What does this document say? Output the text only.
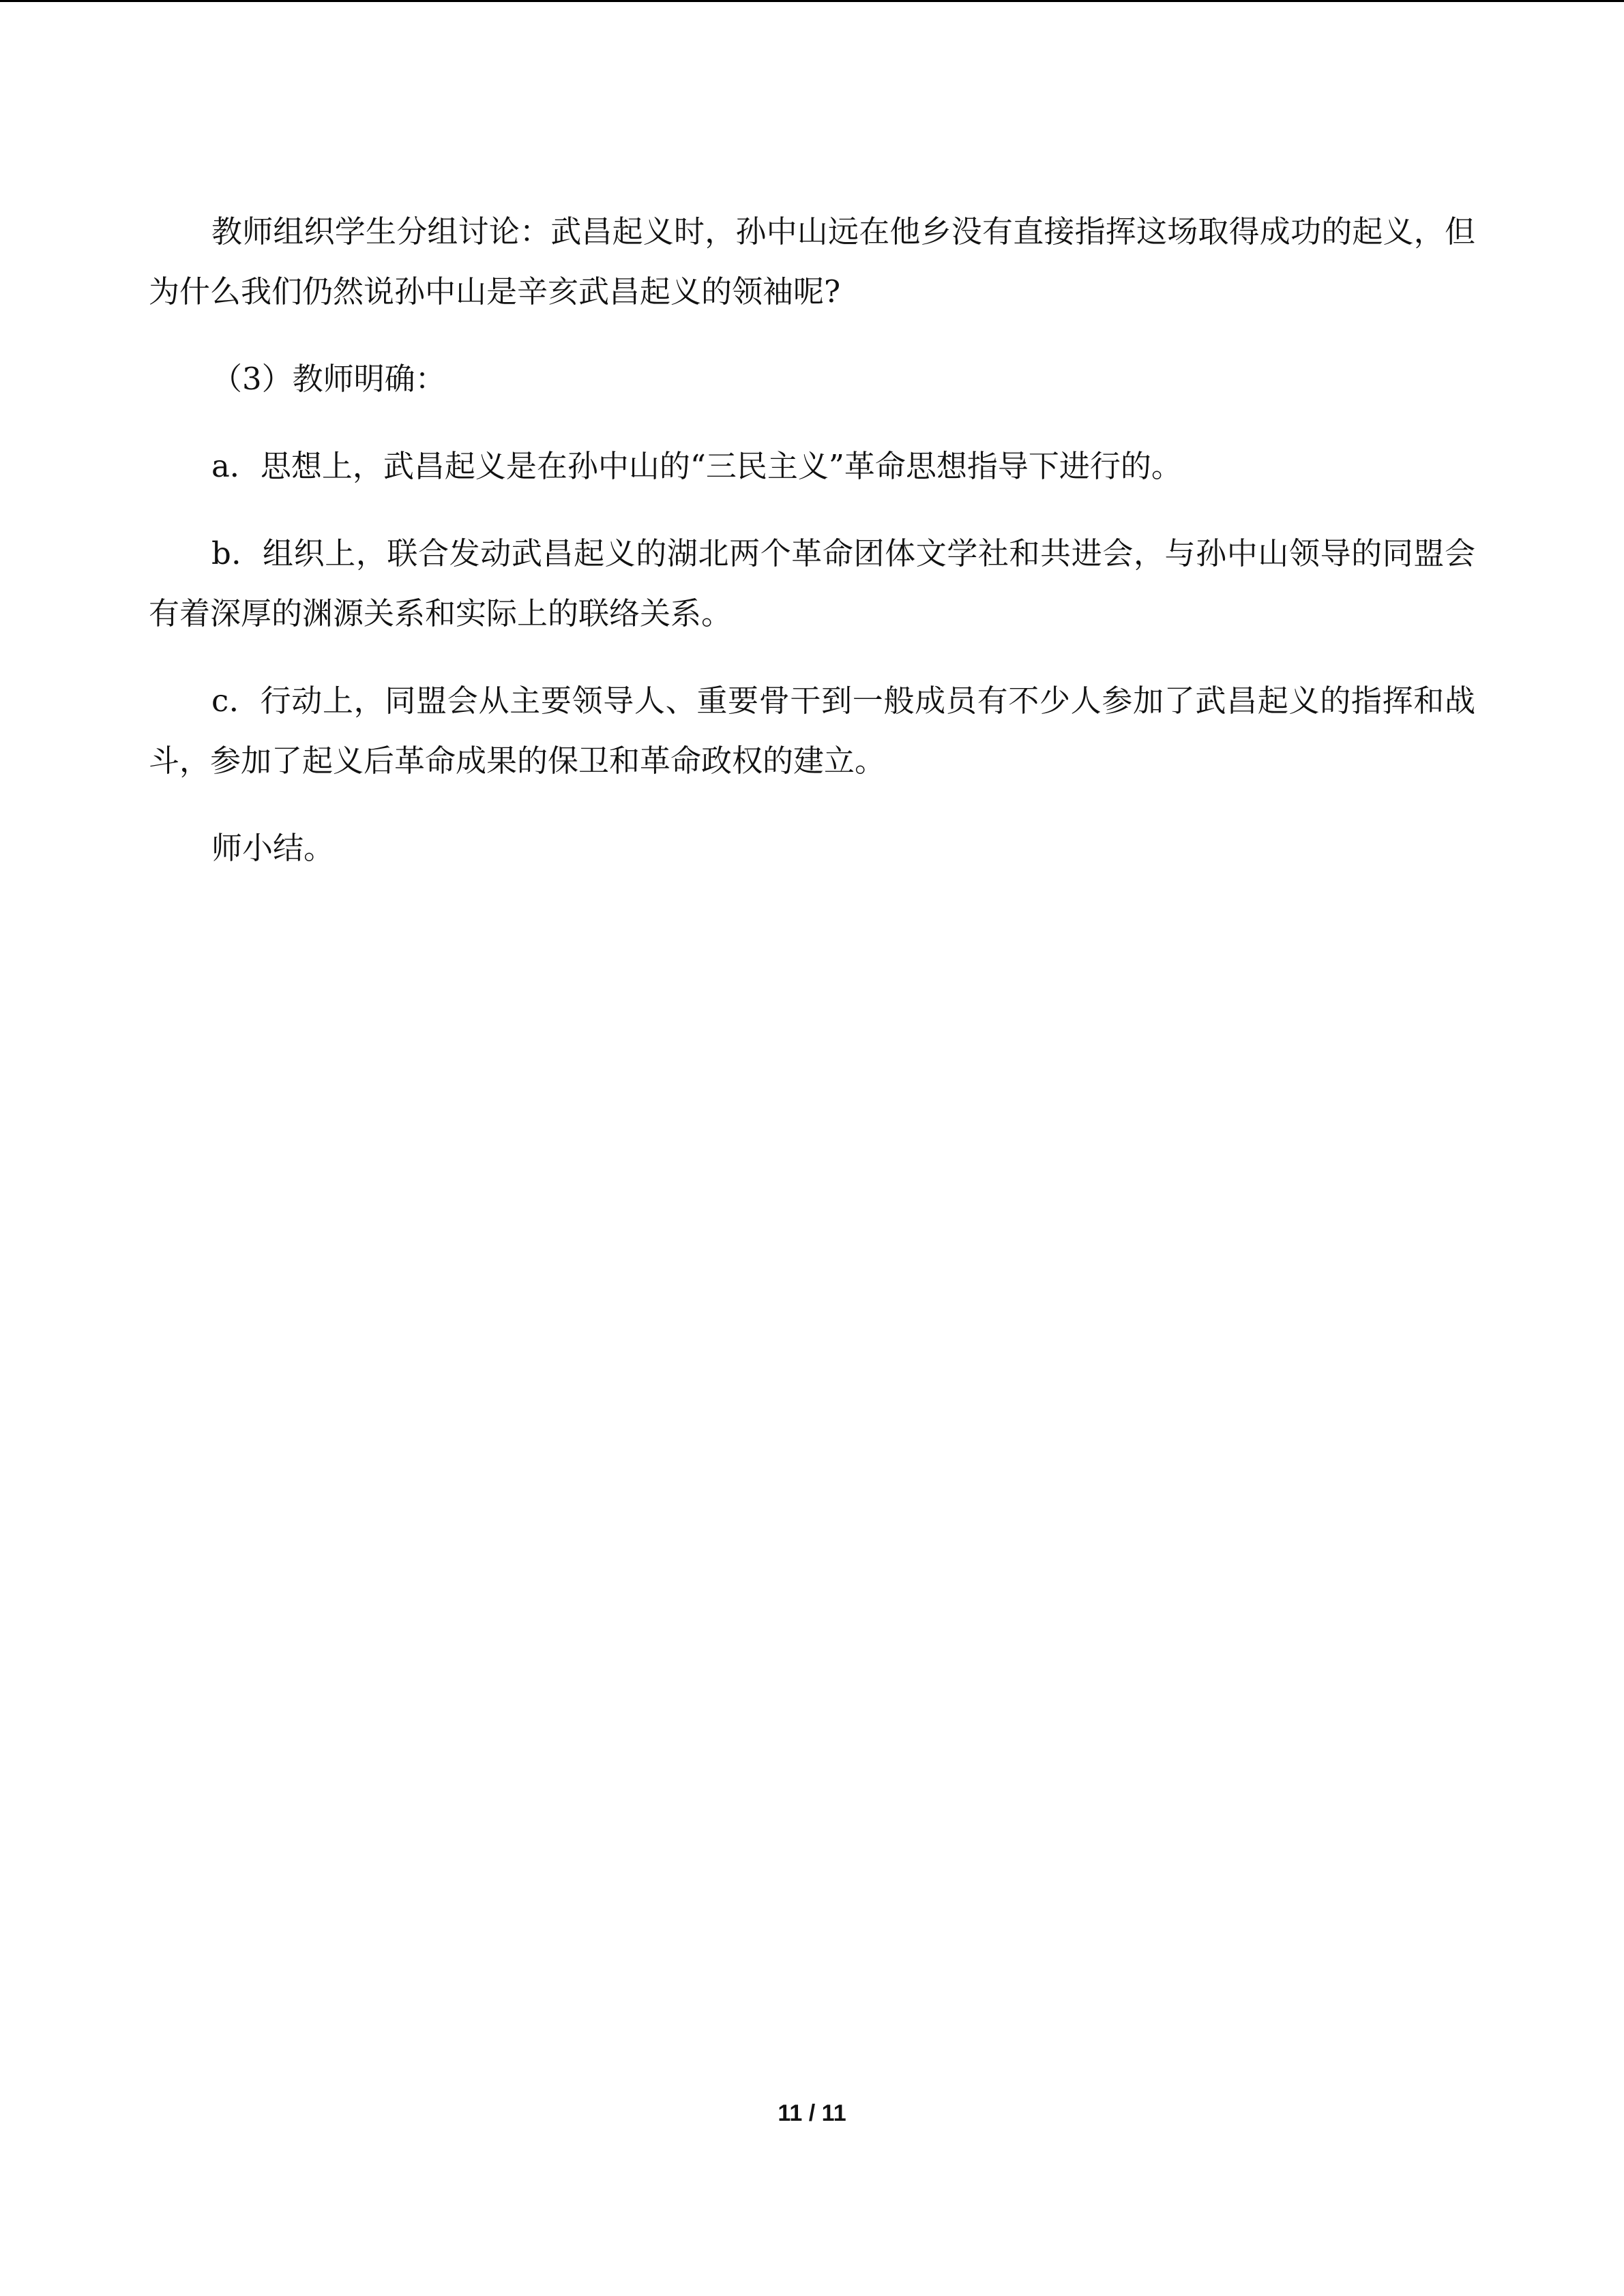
教师组织学生分组讨论：武昌起义时，孙中山远在他乡没有直接指挥这场取得成功的起义，但为什么我们仍然说孙中山是辛亥武昌起义的领袖呢?

（3）教师明确：

a．思想上，武昌起义是在孙中山的“三民主义”革命思想指导下进行的。

b．组织上，联合发动武昌起义的湖北两个革命团体文学社和共进会，与孙中山领导的同盟会有着深厚的渊源关系和实际上的联络关系。

c．行动上，同盟会从主要领导人、重要骨干到一般成员有不少人参加了武昌起义的指挥和战斗，参加了起义后革命成果的保卫和革命政权的建立。

师小结。

11 / 11
